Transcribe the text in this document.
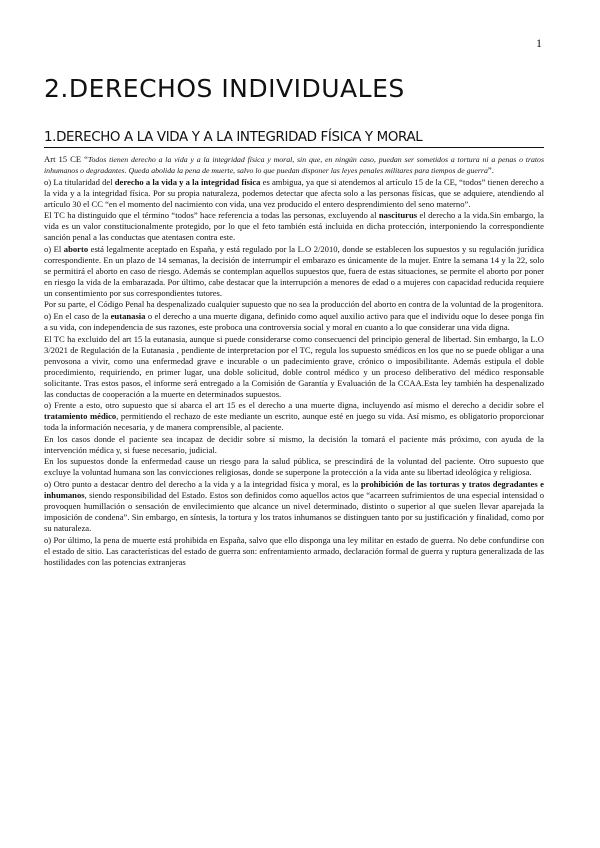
1
2.DERECHOS INDIVIDUALES
1.DERECHO A LA VIDA Y A LA INTEGRIDAD FÍSICA Y MORAL

Art 15 CE “Todos tienen derecho a la vida y a la integridad física y moral, sin que, en ningún caso, puedan ser sometidos a tortura ni a penas o tratos inhumanos o degradantes. Queda abolida la pena de muerte, salvo lo que puedan disponer las leyes penales militares para tiempos de guerra”.

o) La titularidad del derecho a la vida y a la integridad física es ambigua, ya que si atendemos al artículo 15 de la CE, “todos” tienen derecho a la vida y a la integridad física. Por su propia naturaleza, podemos detectar que afecta solo a las personas físicas, que se adquiere, atendiendo al artículo 30 el CC “en el momento del nacimiento con vida, una vez producido el entero desprendimiento del seno materno”.

El TC ha distinguido que el término “todos” hace referencia a todas las personas, excluyendo al nasciturus el derecho a la vida.Sin embargo, la vida es un valor constitucionalmente protegido, por lo que el feto también está incluida en dicha protección, interponiendo la correspondiente sanción penal a las conductas que atentasen contra este.

o) El aborto está legalmente aceptado en España, y está regulado por la L.O 2/2010, donde se establecen los supuestos y su regulación jurídica correspondiente. En un plazo de 14 semanas, la decisión de interrumpir el embarazo es únicamente de la mujer. Entre la semana 14 y la 22, solo se permitirá el aborto en caso de riesgo. Además se contemplan aquellos supuestos que, fuera de estas situaciones, se permite el aborto por poner en riesgo la vida de la embarazada. Por último, cabe destacar que la interrupción a menores de edad o a mujeres con capacidad reducida requiere un consentimiento por sus correspondientes tutores.

Por su parte, el Código Penal ha despenalizado cualquier supuesto que no sea la producción del aborto en contra de la voluntad de la progenitora.

o) En el caso de la eutanasia o el derecho a una muerte digana, definido como aquel auxilio activo para que el individu oque lo desee ponga fin a su vida, con independencia de sus razones, este proboca una controversia social y moral en cuanto a lo que considerar una vida digna.

El TC ha excluido del art 15 la eutanasia, aunque si puede considerarse como consecuenci del principio general de libertad. Sin embargo, la L.O 3/2021 de Regulación de la Eutanasia , pendiente de interpretacion por el TC, regula los supuesto smédicos en los que no se puede obligar a una penvosona a vivir, como una enfermedad grave e incurable o un padecimiento grave, crónico o imposibilitante. Además estipula el doble procedimiento, requiriendo, en primer lugar, una doble solicitud, doble control médico y un proceso deliberativo del médico responsable solicitante. Tras estos pasos, el informe será entregado a la Comisión de Garantía y Evaluación de la CCAA.Esta ley también ha despenalizado las conductas de cooperación a la muerte en determinados supuestos.

o) Frente a esto, otro supuesto que si abarca el art 15 es el derecho a una muerte digna, incluyendo así mismo el derecho a decidir sobre el tratamiento médico, permitiendo el rechazo de este mediante un escrito, aunque esté en juego su vida. Así mismo, es obligatorio proporcionar toda la información necesaria, y de manera comprensible, al paciente.

En los casos donde el paciente sea incapaz de decidir sobre sí mismo, la decisión la tomará el paciente más próximo, con ayuda de la intervención médica y, si fuese necesario, judicial.

En los supuestos donde la enfermedad cause un riesgo para la salud pública, se prescindirá de la voluntad del paciente. Otro supuesto que excluye la voluntad humana son las convicciones religiosas, donde se superpone la protección a la vida ante su libertad ideológica y religiosa.

o) Otro punto a destacar dentro del derecho a la vida y a la integridad física y moral, es la prohibición de las torturas y tratos degradantes e inhumanos, siendo responsibilidad del Estado. Estos son definidos como aquellos actos que “acarreen sufrimientos de una especial intensidad o provoquen humillación o sensación de envilecimiento que alcance un nivel determinado, distinto o superior al que suelen llevar aparejada la imposición de condena”. Sin embargo, en síntesis, la tortura y los tratos inhumanos se distinguen tanto por su justificación y finalidad, como por su naturaleza.

o) Por último, la pena de muerte está prohibida en España, salvo que ello disponga una ley militar en estado de guerra. No debe confundirse con el estado de sitio. Las características del estado de guerra son: enfrentamiento armado, declaración formal de guerra y ruptura generalizada de las hostilidades con las potencias extranjeras
